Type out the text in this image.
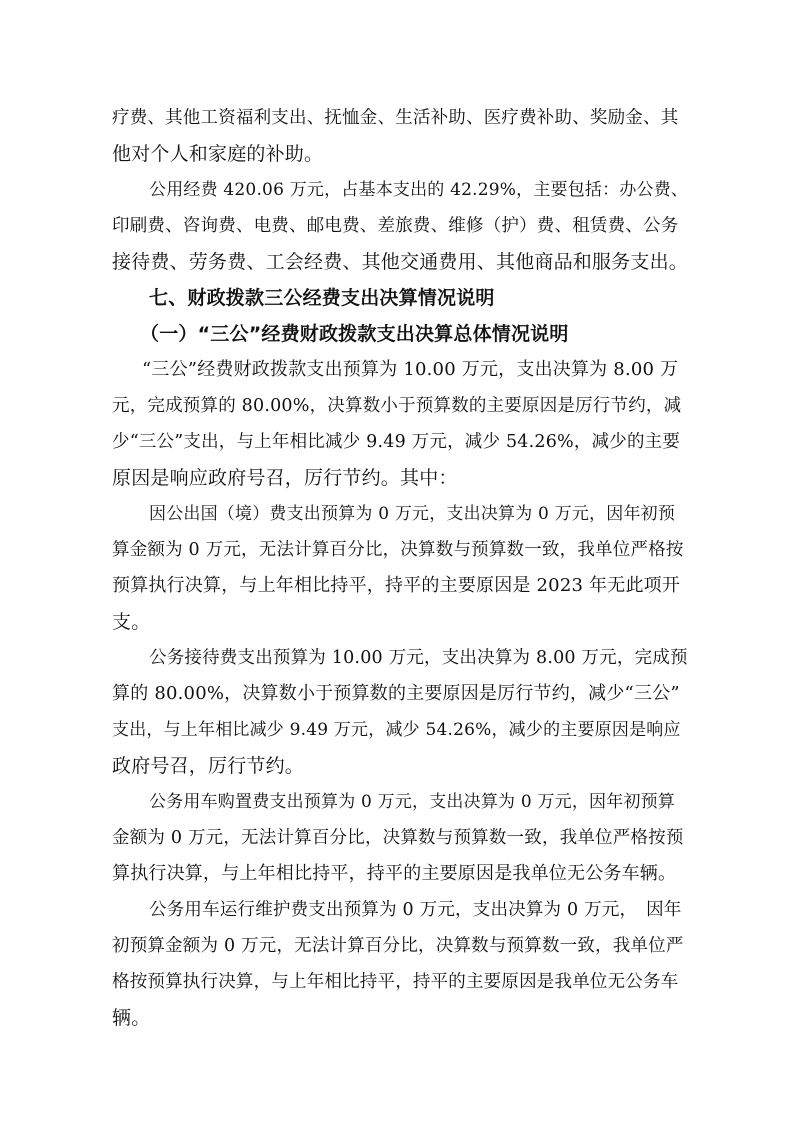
疗费、其他工资福利支出、抚恤金、生活补助、医疗费补助、奖励金、其
他对个人和家庭的补助。
公用经费 420.06 万元，占基本支出的 42.29%，主要包括：办公费、
印刷费、咨询费、电费、邮电费、差旅费、维修（护）费、租赁费、公务
接待费、劳务费、工会经费、其他交通费用、其他商品和服务支出。
七、财政拨款三公经费支出决算情况说明
（一）“三公”经费财政拨款支出决算总体情况说明
“三公”经费财政拨款支出预算为 10.00 万元，支出决算为 8.00 万
元，完成预算的 80.00%，决算数小于预算数的主要原因是厉行节约，减
少“三公”支出，与上年相比减少 9.49 万元，减少 54.26%，减少的主要
原因是响应政府号召，厉行节约。其中：
因公出国（境）费支出预算为 0 万元，支出决算为 0 万元，因年初预
算金额为 0 万元，无法计算百分比，决算数与预算数一致，我单位严格按
预算执行决算，与上年相比持平，持平的主要原因是 2023 年无此项开
支。
公务接待费支出预算为 10.00 万元，支出决算为 8.00 万元，完成预
算的 80.00%，决算数小于预算数的主要原因是厉行节约，减少“三公”
支出，与上年相比减少 9.49 万元，减少 54.26%，减少的主要原因是响应
政府号召，厉行节约。
公务用车购置费支出预算为 0 万元，支出决算为 0 万元，因年初预算
金额为 0 万元，无法计算百分比，决算数与预算数一致，我单位严格按预
算执行决算，与上年相比持平，持平的主要原因是我单位无公务车辆。
公务用车运行维护费支出预算为 0 万元，支出决算为 0 万元，　因年
初预算金额为 0 万元，无法计算百分比，决算数与预算数一致，我单位严
格按预算执行决算，与上年相比持平，持平的主要原因是我单位无公务车
辆。
